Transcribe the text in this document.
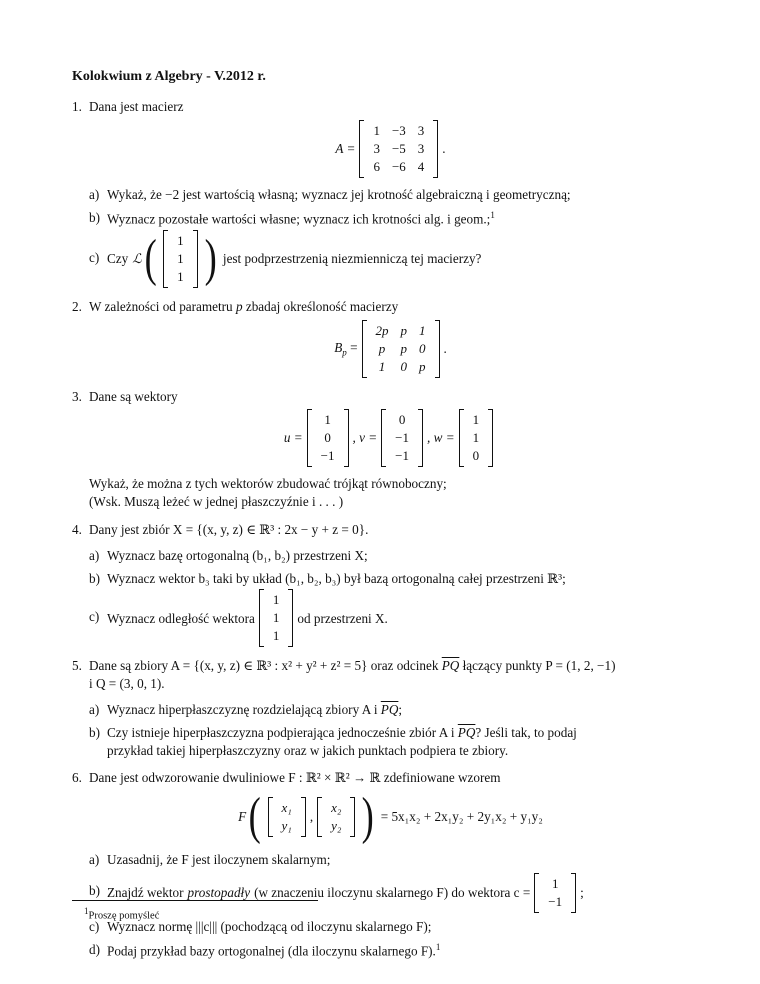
Kolokwium z Algebry - V.2012 r.
1. Dana jest macierz
A =
1	−3	3
3	−5	3
6	−6	4
.
a) Wykaż, że −2 jest wartością własną; wyznacz jej krotność algebraiczną i geometryczną;
b) Wyznacz pozostałe wartości własne; wyznacz ich krotności alg. i geom.;$^1$
c) Czy ℒ ( 1
1
1 ) jest podprzestrzenią niezmienniczą tej macierzy?
2. W zależności od parametru p zbadaj określoność macierzy
$B_p$ =
2p	p	1
p	p	0
1	0	p
.
3. Dane są wektory
u =
1
0
−1
, v =
0
−1
−1
, w =
1
1
0
Wykaż, że można z tych wektorów zbudować trójkąt równoboczny;
(Wsk. Muszą leżeć w jednej płaszczyźnie i . . . )
4. Dany jest zbiór X = {(x, y, z) ∈ ℝ³ : 2x − y + z = 0}.
a) Wyznacz bazę ortogonalną (b₁, b₂) przestrzeni X;
b) Wyznacz wektor b₃ taki by układ (b₁, b₂, b₃) był bazą ortogonalną całej przestrzeni ℝ³;
c) Wyznacz odległość wektora
1
1
1
od przestrzeni X.
5. Dane są zbiory A = {(x, y, z) ∈ ℝ³ : x² + y² + z² = 5} oraz odcinek $\overline{PQ}$ łączący punkty P = (1, 2, −1)
i Q = (3, 0, 1).
a) Wyznacz hiperpłaszczyznę rozdzielającą zbiory A i $\overline{PQ}$;
b) Czy istnieje hiperpłaszczyzna podpierająca jednocześnie zbiór A i $\overline{PQ}$? Jeśli tak, to podaj
przykład takiej hiperpłaszczyzny oraz w jakich punktach podpiera te zbiory.
6. Dane jest odwzorowanie dwuliniowe F : ℝ² × ℝ² → ℝ zdefiniowane wzorem
F ( x₁
y₁
,
x₂
y₂ ) = 5x₁x₂ + 2x₁y₂ + 2y₁x₂ + y₁y₂
a) Uzasadnij, że F jest iloczynem skalarnym;
b) Znajdź wektor prostopadły (w znaczeniu iloczynu skalarnego F) do wektora c =
1
−1
;
c) Wyznacz normę |||c||| (pochodzącą od iloczynu skalarnego F);
d) Podaj przykład bazy ortogonalnej (dla iloczynu skalarnego F).$^1$
$^1$Proszę pomyśleć
